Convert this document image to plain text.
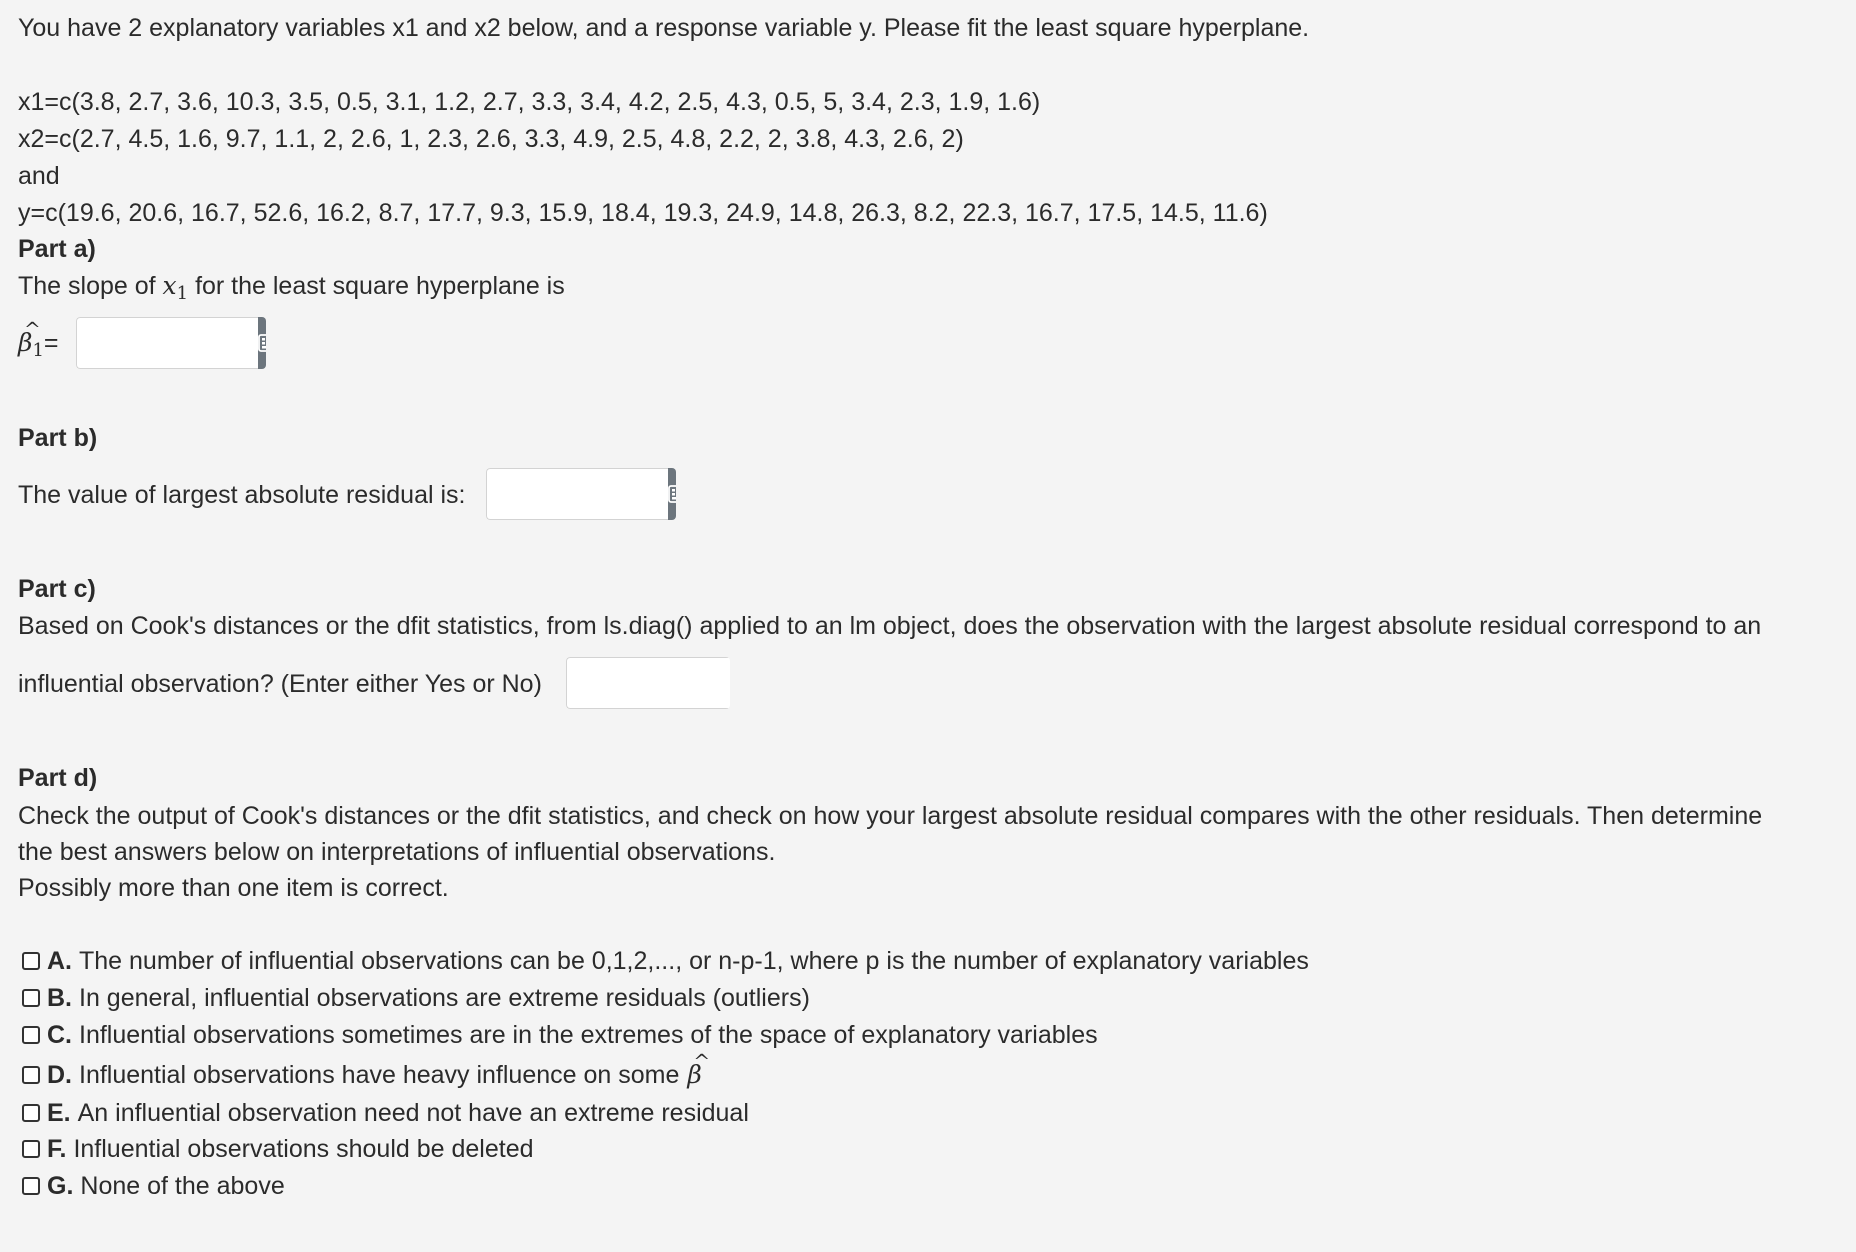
You have 2 explanatory variables x1 and x2 below, and a response variable y. Please fit the least square hyperplane.
x1=c(3.8, 2.7, 3.6, 10.3, 3.5, 0.5, 3.1, 1.2, 2.7, 3.3, 3.4, 4.2, 2.5, 4.3, 0.5, 5, 3.4, 2.3, 1.9, 1.6)
x2=c(2.7, 4.5, 1.6, 9.7, 1.1, 2, 2.6, 1, 2.3, 2.6, 3.3, 4.9, 2.5, 4.8, 2.2, 2, 3.8, 4.3, 2.6, 2)
and
y=c(19.6, 20.6, 16.7, 52.6, 16.2, 8.7, 17.7, 9.3, 15.9, 18.4, 19.3, 24.9, 14.8, 26.3, 8.2, 22.3, 16.7, 17.5, 14.5, 11.6)
Part a)
The slope of $x_1$ for the least square hyperplane is
β
^
$_1$=
Part b)
The value of largest absolute residual is:
Part c)
Based on Cook's distances or the dfit statistics, from ls.diag() applied to an lm object, does the observation with the largest absolute residual correspond to an
influential observation? (Enter either Yes or No)
Part d)
Check the output of Cook's distances or the dfit statistics, and check on how your largest absolute residual compares with the other residuals. Then determine
the best answers below on interpretations of influential observations.
Possibly more than one item is correct.
A. The number of influential observations can be 0,1,2,..., or n-p-1, where p is the number of explanatory variables
B. In general, influential observations are extreme residuals (outliers)
C. Influential observations sometimes are in the extremes of the space of explanatory variables
D. Influential observations have heavy influence on some β
^
E. An influential observation need not have an extreme residual
F. Influential observations should be deleted
G. None of the above
